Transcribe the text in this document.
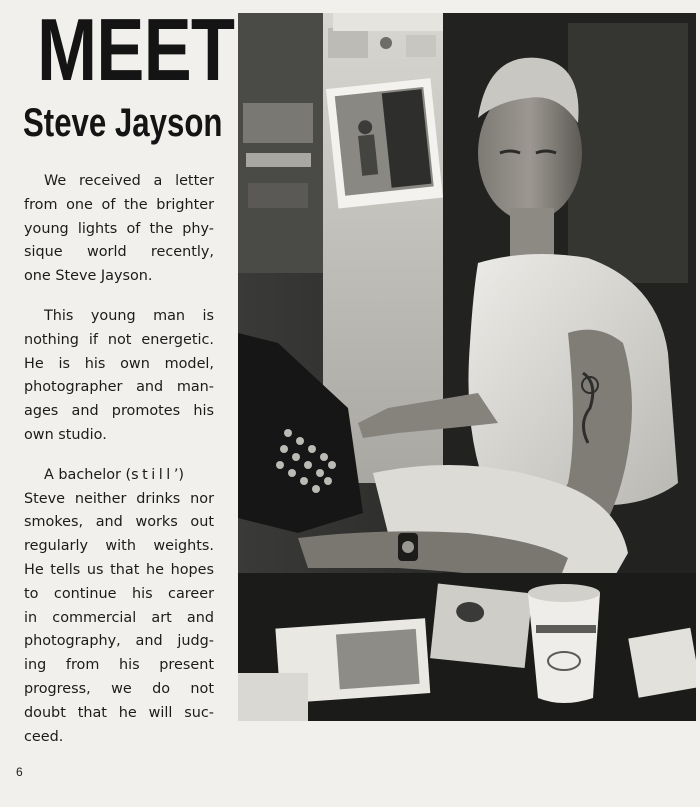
MEET
Steve Jayson

We received a letter
from one of the brighter
young lights of the phy-
sique world recently,
one Steve Jayson.

This young man is
nothing if not energetic.
He is his own model,
photographer and man-
ages and promotes his
own studio.

A bachelor (still’)
Steve neither drinks nor
smokes, and works out
regularly with weights.
He tells us that he hopes
to continue his career
in commercial art and
photography, and judg-
ing from his present
progress, we do not
doubt that he will suc-
ceed.

6
